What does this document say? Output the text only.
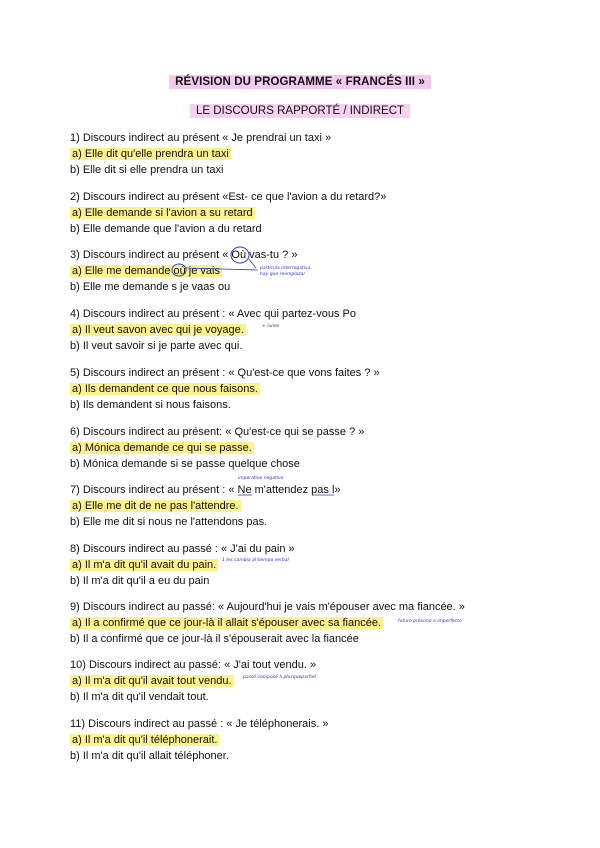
RÉVISION DU PROGRAMME « FRANCÉS III »
LE DISCOURS RAPPORTÉ / INDIRECT
1) Discours indirect au présent « Je prendrai un taxi »
a) Elle dit qu'elle prendra un taxi
b) Elle dit si elle prendra un taxi
2) Discours indirect au présent «Est- ce que l'avion a du retard?»
a) Elle demande si l'avion a su retard
b) Elle demande que l'avion a du retard
3) Discours indirect au présent « Où vas-tu ? »
a) Elle me demande où je vais
b) Elle me demande s je vaas ou
4) Discours indirect au présent : « Avec qui partez-vous Po
a) Il veut savon avec qui je voyage.
b) Il veut savoir si je parte avec qui.
5) Discours indirect an présent : « Qu'est-ce que vons faites ? »
a) Ils demandent ce que nous faisons.
b) Ils demandent si nous faisons.
6) Discours indirect au présent: « Qu'est-ce qui se passe ? »
a) Mónica demande ce qui se passe.
b) Mónica demande si se passe quelque chose
7) Discours indirect au présent : « Ne m'attendez pas l»
a) Elle me dit de ne pas l'attendre.
b) Elle me dit si nous ne l'attendons pas.
8) Discours indirect au passé : « J'ai du pain »
a) Il m'a dit qu'il avait du pain.
b) Il m'a dit qu'il a eu du pain
9) Discours indirect au passé: « Aujourd'hui je vais m'épouser avec ma fiancée. »
a) Il a confirmé que ce jour-là il allait s'épouser avec sa fiancée.
b) Il a confirmé que ce jour-là il s'épouserait avec la fiancée
10) Discours indirect au passé: « J'ai tout vendu. »
a) Il m'a dit qu'il avait tout vendu.
b) Il m'a dit qu'il vendait tout.
11) Discours indirect au passé : « Je téléphonerais. »
a) Il m'a dit qu'il téléphonerait.
b) Il m'a dit qu'il allait téléphoner.
partícula interrogativa,
hay que reemplazar
+ lunes
imperativo negativo
1 les cambia al tiempo verbal
futuro próximo a imperfecto
passé composé à plusqueparfait
